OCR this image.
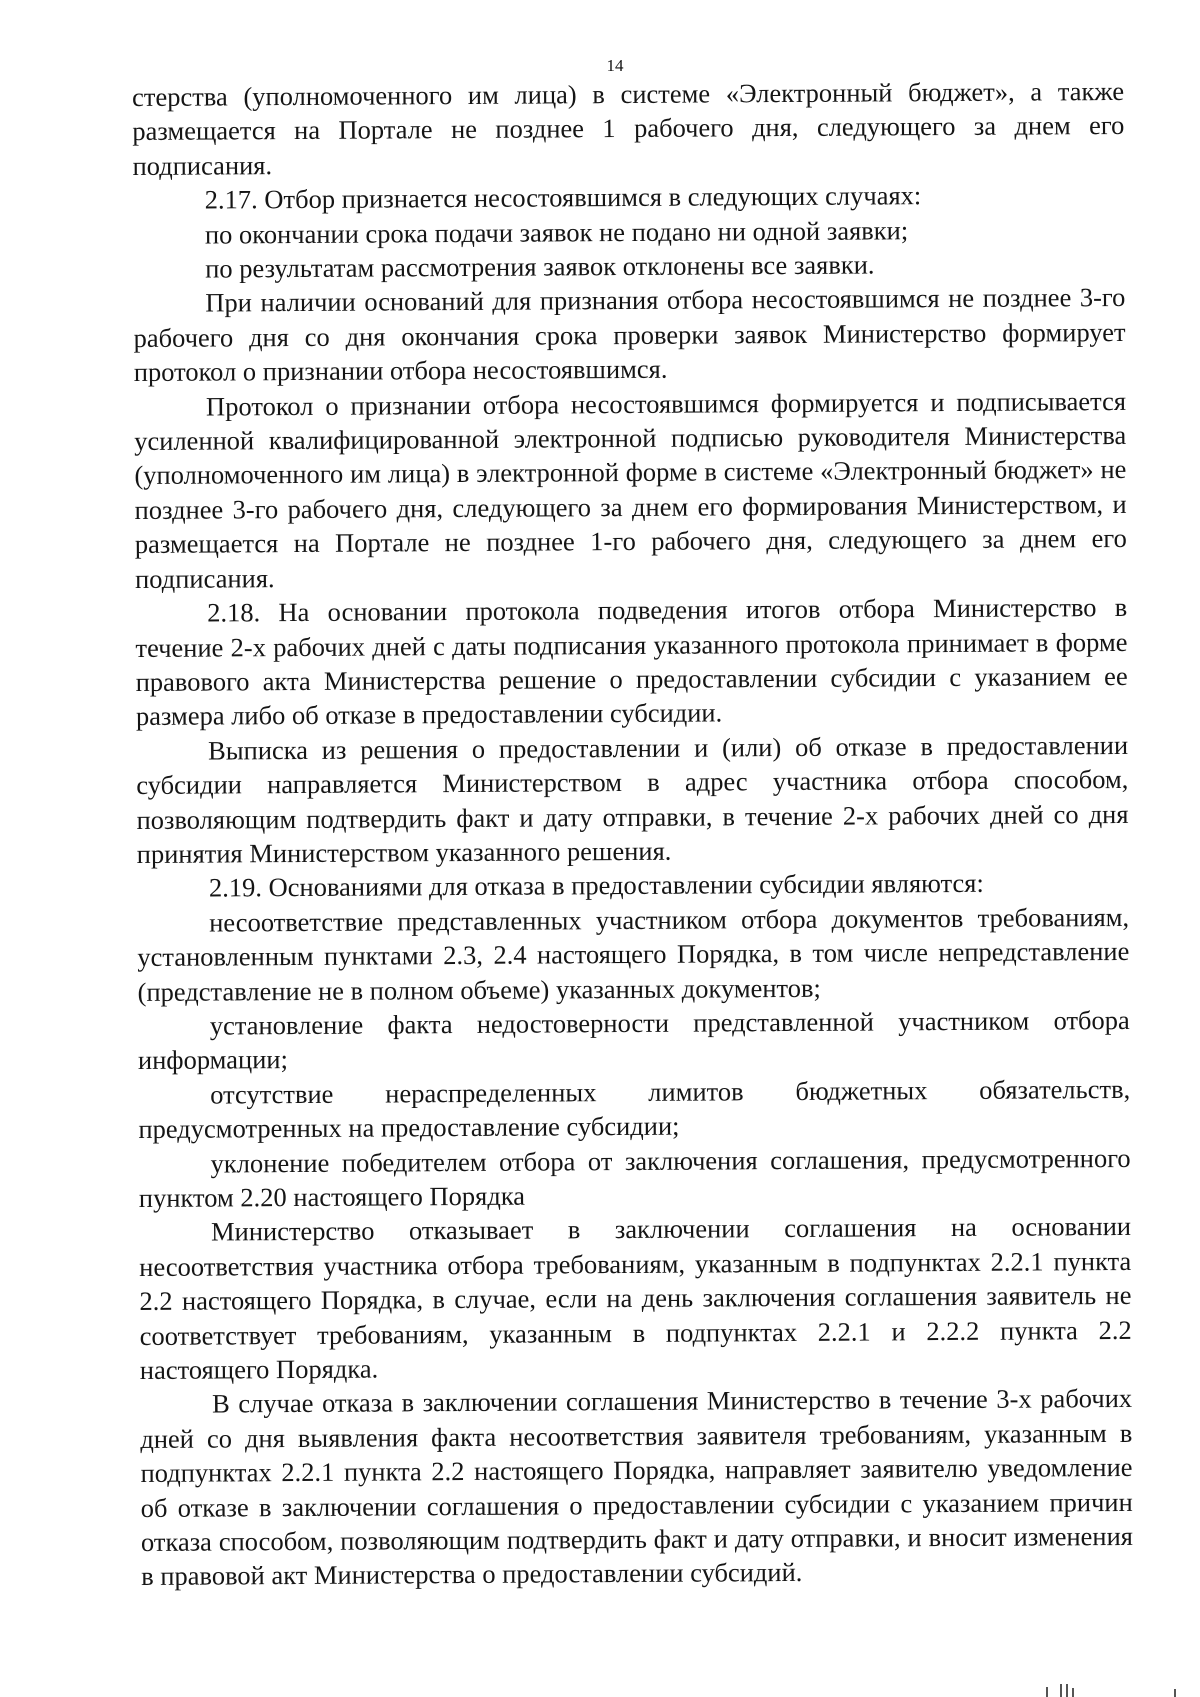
14

стерства (уполномоченного им лица) в системе «Электронный бюджет», а также размещается на Портале не позднее 1 рабочего дня, следующего за днем его подписания.

2.17. Отбор признается несостоявшимся в следующих случаях:

по окончании срока подачи заявок не подано ни одной заявки;

по результатам рассмотрения заявок отклонены все заявки.

При наличии оснований для признания отбора несостоявшимся не позднее 3-го рабочего дня со дня окончания срока проверки заявок Министерство формирует протокол о признании отбора несостоявшимся.

Протокол о признании отбора несостоявшимся формируется и подписывается усиленной квалифицированной электронной подписью руководителя Министерства (уполномоченного им лица) в электронной форме в системе «Электронный бюджет» не позднее 3-го рабочего дня, следующего за днем его формирования Министерством, и размещается на Портале не позднее 1-го рабочего дня, следующего за днем его подписания.

2.18. На основании протокола подведения итогов отбора Министерство в течение 2-х рабочих дней с даты подписания указанного протокола принимает в форме правового акта Министерства решение о предоставлении субсидии с указанием ее размера либо об отказе в предоставлении субсидии.

Выписка из решения о предоставлении и (или) об отказе в предоставлении субсидии направляется Министерством в адрес участника отбора способом, позволяющим подтвердить факт и дату отправки, в течение 2-х рабочих дней со дня принятия Министерством указанного решения.

2.19. Основаниями для отказа в предоставлении субсидии являются:

несоответствие представленных участником отбора документов требованиям, установленным пунктами 2.3, 2.4 настоящего Порядка, в том числе непредставление (представление не в полном объеме) указанных документов;

установление факта недостоверности представленной участником отбора информации;

отсутствие нераспределенных лимитов бюджетных обязательств, предусмотренных на предоставление субсидии;

уклонение победителем отбора от заключения соглашения, предусмотренного пунктом 2.20 настоящего Порядка

Министерство отказывает в заключении соглашения на основании несоответствия участника отбора требованиям, указанным в подпунктах 2.2.1 пункта 2.2 настоящего Порядка, в случае, если на день заключения соглашения заявитель не соответствует требованиям, указанным в подпунктах 2.2.1 и 2.2.2 пункта 2.2 настоящего Порядка.

В случае отказа в заключении соглашения Министерство в течение 3-х рабочих дней со дня выявления факта несоответствия заявителя требованиям, указанным в подпунктах 2.2.1 пункта 2.2 настоящего Порядка, направляет заявителю уведомление об отказе в заключении соглашения о предоставлении субсидии с указанием причин отказа способом, позволяющим подтвердить факт и дату отправки, и вносит изменения в правовой акт Министерства о предоставлении субсидий.
